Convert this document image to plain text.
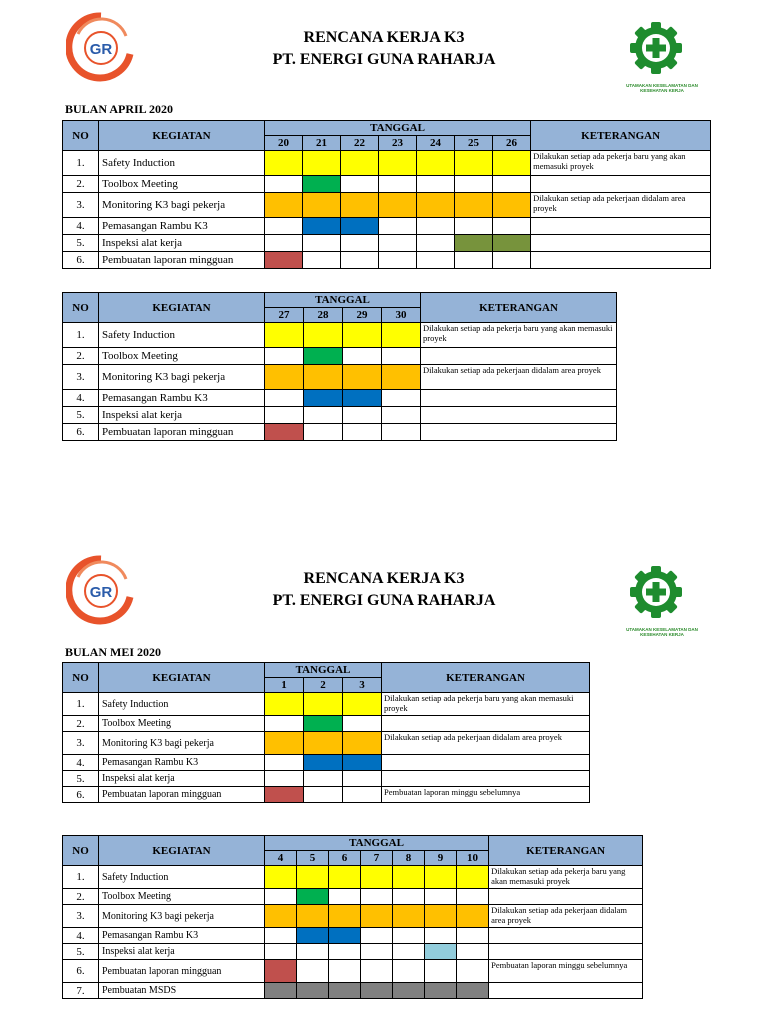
GR
RENCANA KERJA K3
PT. ENERGI GUNA RAHARJA
UTAMAKAN KESELAMATAN DAN KESEHATAN KERJA
BULAN APRIL 2020
NO	KEGIATAN	TANGGAL							KETERANGAN
		20	21	22	23	24	25	26	
1.	Safety Induction								Dilakukan setiap ada pekerja baru yang akan memasuki proyek
2.	Toolbox Meeting								
3.	Monitoring K3 bagi pekerja								Dilakukan setiap ada pekerjaan didalam area proyek
4.	Pemasangan Rambu K3								
5.	Inspeksi alat kerja								
6.	Pembuatan laporan mingguan								
NO	KEGIATAN	TANGGAL				KETERANGAN
		27	28	29	30	
1.	Safety Induction					Dilakukan setiap ada pekerja baru yang akan memasuki proyek
2.	Toolbox Meeting					
3.	Monitoring K3 bagi pekerja					Dilakukan setiap ada pekerjaan didalam area proyek
4.	Pemasangan Rambu K3					
5.	Inspeksi alat kerja					
6.	Pembuatan laporan mingguan					
GR
RENCANA KERJA K3
PT. ENERGI GUNA RAHARJA
UTAMAKAN KESELAMATAN DAN KESEHATAN KERJA
BULAN MEI 2020
NO	KEGIATAN	TANGGAL			KETERANGAN
		1	2	3	
1.	Safety Induction				Dilakukan setiap ada pekerja baru yang akan memasuki proyek
2.	Toolbox Meeting				
3.	Monitoring K3 bagi pekerja				Dilakukan setiap ada pekerjaan didalam area proyek
4.	Pemasangan Rambu K3				
5.	Inspeksi alat kerja				
6.	Pembuatan laporan mingguan				Pembuatan laporan minggu sebelumnya
NO	KEGIATAN	TANGGAL							KETERANGAN
		4	5	6	7	8	9	10	
1.	Safety Induction								Dilakukan setiap ada pekerja baru yang akan memasuki proyek
2.	Toolbox Meeting								
3.	Monitoring K3 bagi pekerja								Dilakukan setiap ada pekerjaan didalam area proyek
4.	Pemasangan Rambu K3								
5.	Inspeksi alat kerja								
6.	Pembuatan laporan mingguan								Pembuatan laporan minggu sebelumnya
7.	Pembuatan MSDS								
